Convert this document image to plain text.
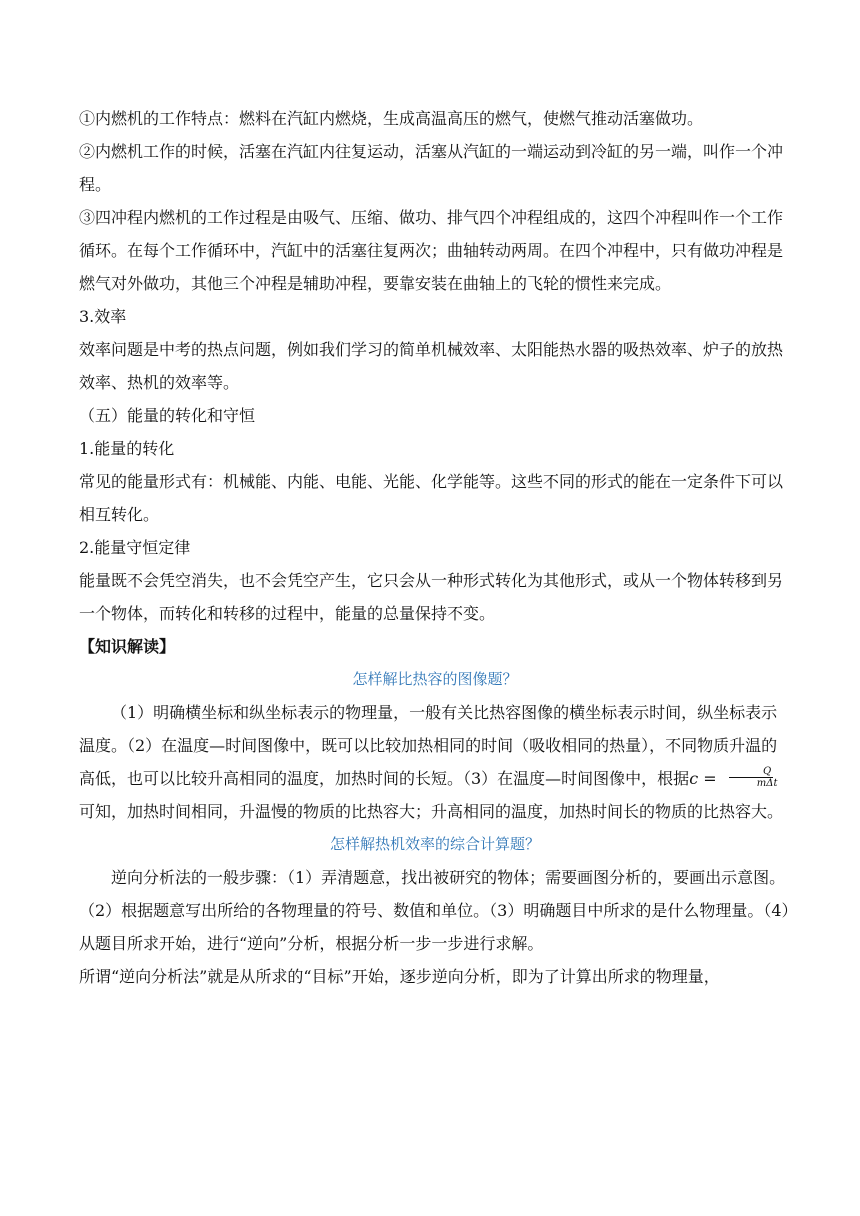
①内燃机的工作特点：燃料在汽缸内燃烧，生成高温高压的燃气，使燃气推动活塞做功。

②内燃机工作的时候，活塞在汽缸内往复运动，活塞从汽缸的一端运动到冷缸的另一端，叫作一个冲程。

③四冲程内燃机的工作过程是由吸气、压缩、做功、排气四个冲程组成的，这四个冲程叫作一个工作循环。在每个工作循环中，汽缸中的活塞往复两次；曲轴转动两周。在四个冲程中，只有做功冲程是燃气对外做功，其他三个冲程是辅助冲程，要靠安装在曲轴上的飞轮的惯性来完成。

3.效率

效率问题是中考的热点问题，例如我们学习的简单机械效率、太阳能热水器的吸热效率、炉子的放热效率、热机的效率等。

（五）能量的转化和守恒

1.能量的转化

常见的能量形式有：机械能、内能、电能、光能、化学能等。这些不同的形式的能在一定条件下可以相互转化。

2.能量守恒定律

能量既不会凭空消失，也不会凭空产生，它只会从一种形式转化为其他形式，或从一个物体转移到另一个物体，而转化和转移的过程中，能量的总量保持不变。

【知识解读】

怎样解比热容的图像题？

（1）明确横坐标和纵坐标表示的物理量，一般有关比热容图像的横坐标表示时间，纵坐标表示温度。（2）在温度—时间图像中，既可以比较加热相同的时间（吸收相同的热量），不同物质升温的高低，也可以比较升高相同的温度，加热时间的长短。（3）在温度—时间图像中，根据$c = \frac{Q}{\text{mΔt}}$
可知，加热时间相同，升温慢的物质的比热容大；升高相同的温度，加热时间长的物质的比热容大。

怎样解热机效率的综合计算题？

逆向分析法的一般步骤：（1）弄清题意，找出被研究的物体；需要画图分析的，要画出示意图。（2）根据题意写出所给的各物理量的符号、数值和单位。（3）明确题目中所求的是什么物理量。（4）从题目所求开始，进行“逆向”分析，根据分析一步一步进行求解。

所谓“逆向分析法”就是从所求的“目标”开始，逐步逆向分析，即为了计算出所求的物理量，
